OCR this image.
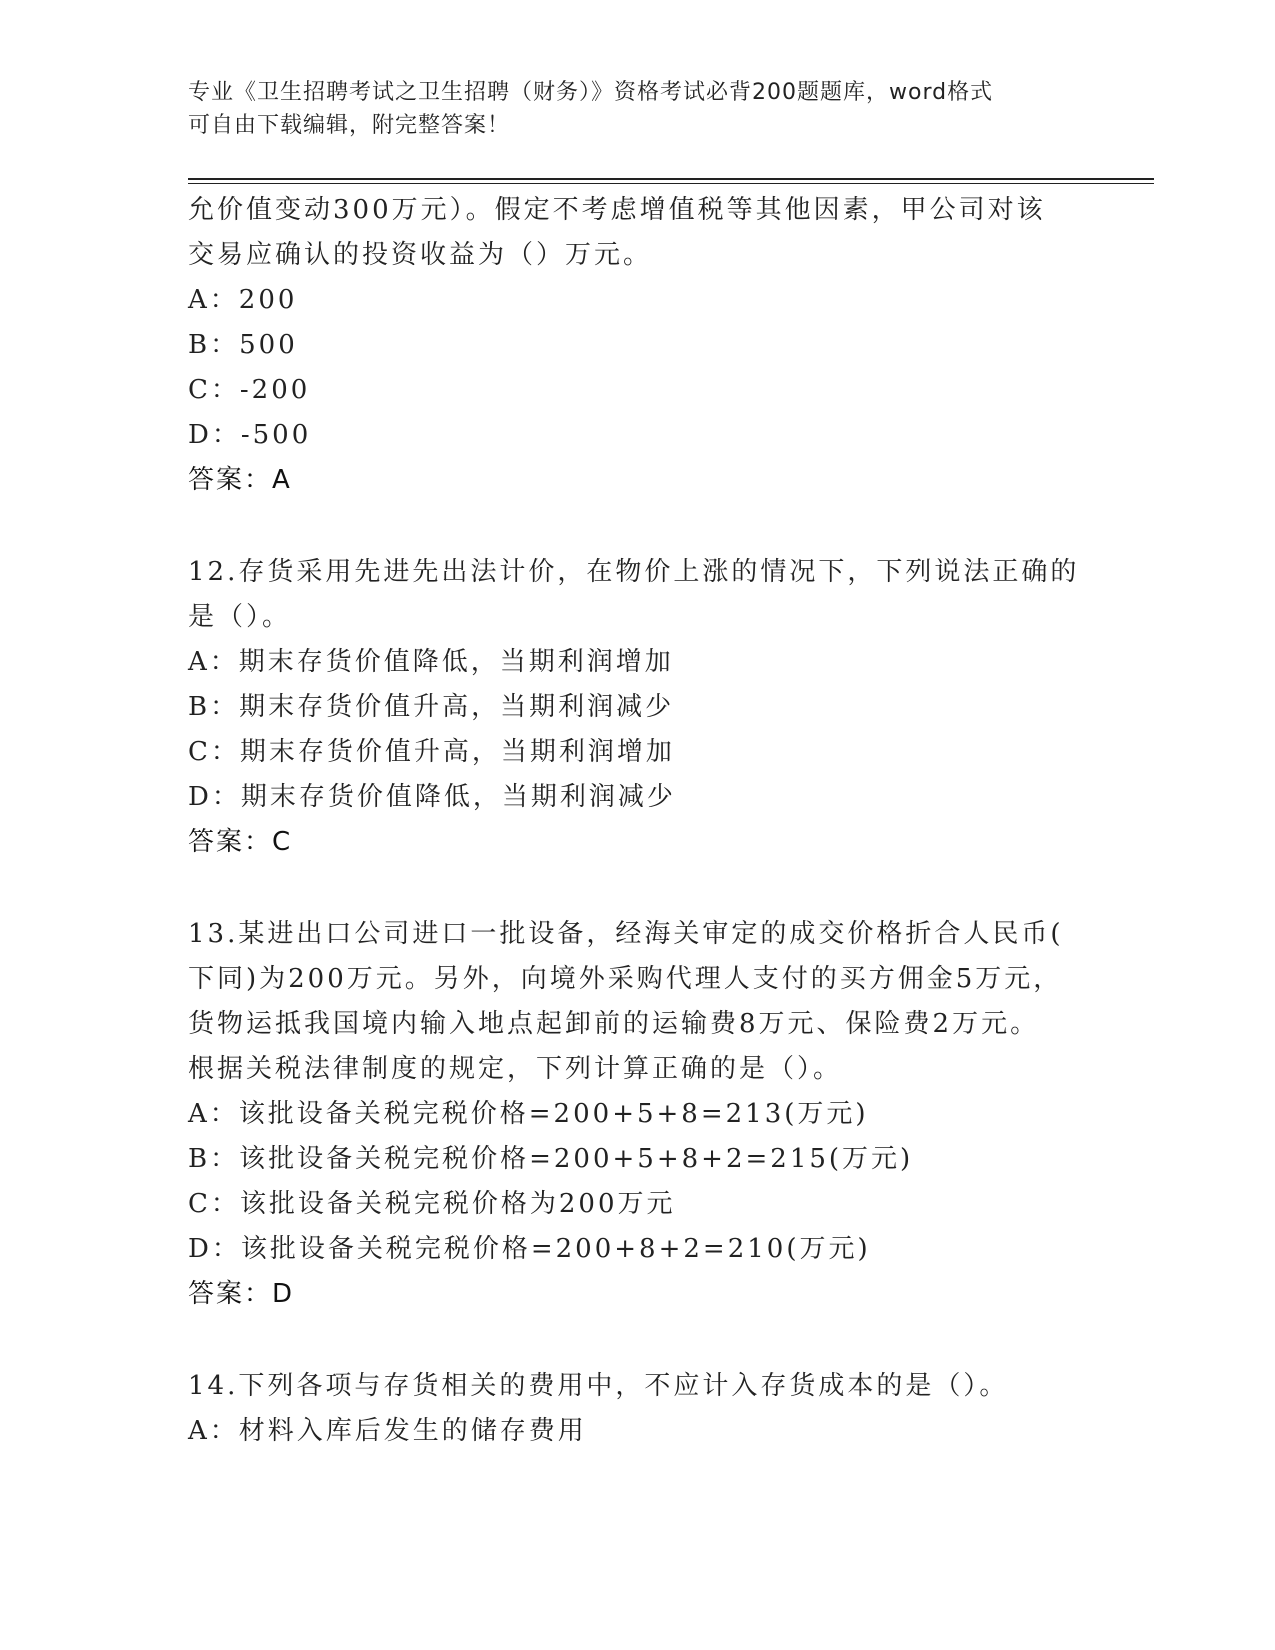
专业《卫生招聘考试之卫生招聘（财务）》资格考试必背200题题库，word格式
可自由下载编辑，附完整答案！
允价值变动300万元）。假定不考虑增值税等其他因素，甲公司对该
交易应确认的投资收益为（）万元。
A：200
B：500
C：-200
D：-500
答案：A
12.存货采用先进先出法计价，在物价上涨的情况下，下列说法正确的
是（）。
A：期末存货价值降低，当期利润增加
B：期末存货价值升高，当期利润减少
C：期末存货价值升高，当期利润增加
D：期末存货价值降低，当期利润减少
答案：C
13.某进出口公司进口一批设备，经海关审定的成交价格折合人民币(
下同)为200万元。另外，向境外采购代理人支付的买方佣金5万元，
货物运抵我国境内输入地点起卸前的运输费8万元、保险费2万元。
根据关税法律制度的规定，下列计算正确的是（）。
A：该批设备关税完税价格=200+5+8=213(万元)
B：该批设备关税完税价格=200+5+8+2=215(万元)
C：该批设备关税完税价格为200万元
D：该批设备关税完税价格=200+8+2=210(万元)
答案：D
14.下列各项与存货相关的费用中，不应计入存货成本的是（）。
A：材料入库后发生的储存费用
